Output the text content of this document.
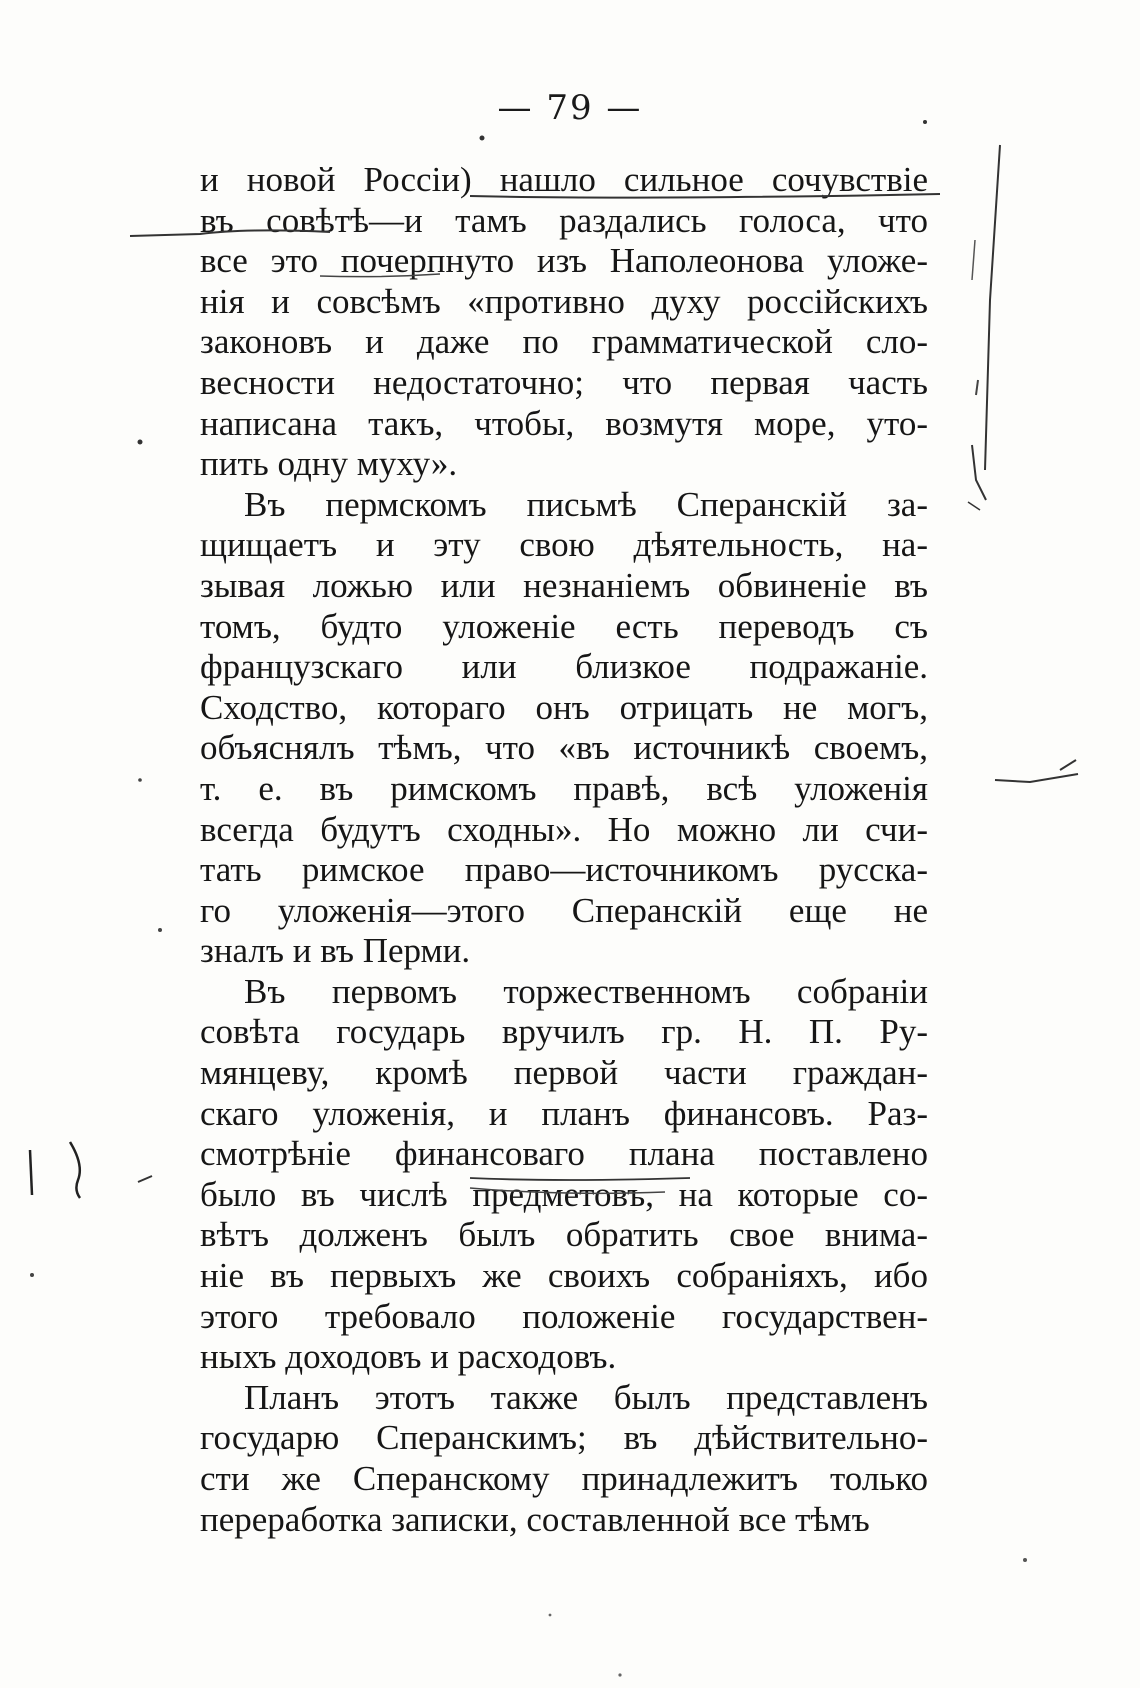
— 79 —
и новой Россіи) нашло сильное сочувствіе
въ совѣтѣ—и тамъ раздались голоса, что
все это почерпнуто изъ Наполеонова уложе-
нія и совсѣмъ «противно духу россійскихъ
законовъ и даже по грамматической сло-
весности недостаточно; что первая часть
написана такъ, чтобы, возмутя море, уто-
пить одну муху».
Въ пермскомъ письмѣ Сперанскій за-
щищаетъ и эту свою дѣятельность, на-
зывая ложью или незнаніемъ обвиненіе въ
томъ, будто уложеніе есть переводъ съ
французскаго или близкое подражаніе.
Сходство, котораго онъ отрицать не могъ,
объяснялъ тѣмъ, что «въ источникѣ своемъ,
т. е. въ римскомъ правѣ, всѣ уложенія
всегда будутъ сходны». Но можно ли счи-
тать римское право—источникомъ русска-
го уложенія—этого Сперанскій еще не
зналъ и въ Перми.
Въ первомъ торжественномъ собраніи
совѣта государь вручилъ гр. Н. П. Ру-
мянцеву, кромѣ первой части граждан-
скаго уложенія, и планъ финансовъ. Раз-
смотрѣніе финансоваго плана поставлено
было въ числѣ предметовъ, на которые со-
вѣтъ долженъ былъ обратить свое внима-
ніе въ первыхъ же своихъ собраніяхъ, ибо
этого требовало положеніе государствен-
ныхъ доходовъ и расходовъ.
Планъ этотъ также былъ представленъ
государю Сперанскимъ; въ дѣйствительно-
сти же Сперанскому принадлежитъ только
переработка записки, составленной все тѣмъ
